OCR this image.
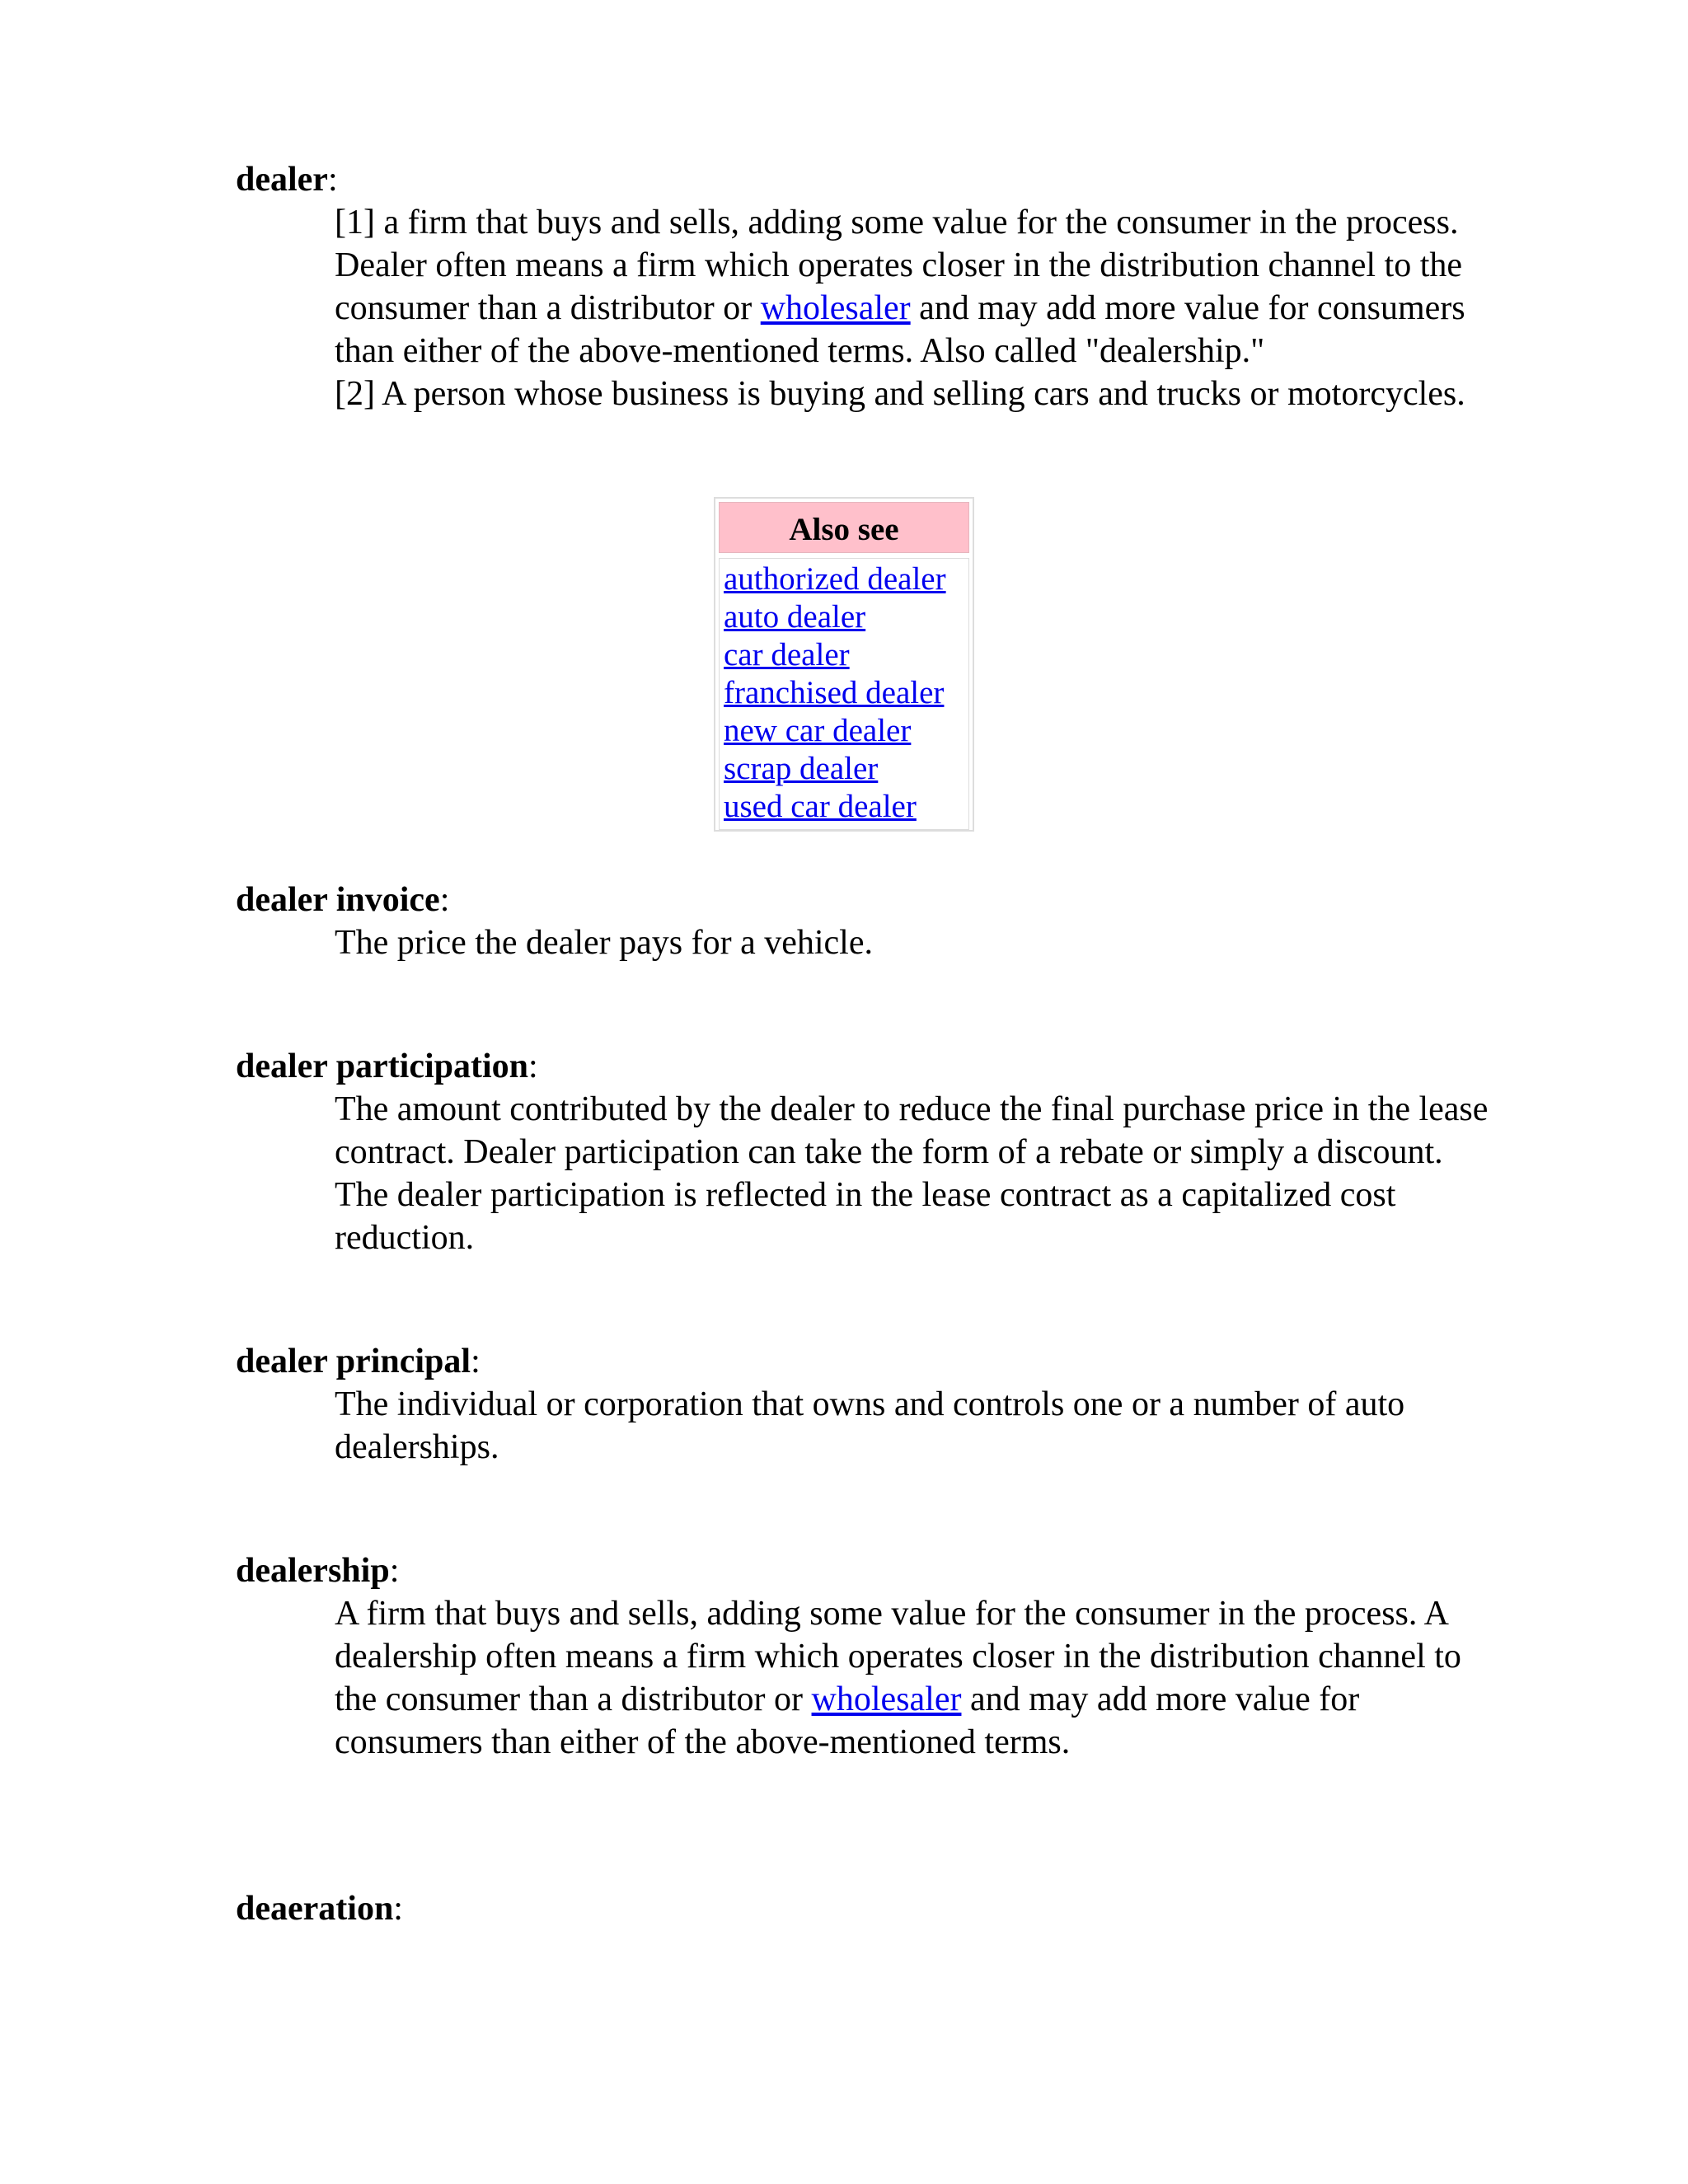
dealer:

[1] a firm that buys and sells, adding some value for the consumer in the process. Dealer often means a firm which operates closer in the distribution channel to the consumer than a distributor or wholesaler and may add more value for consumers than either of the above-mentioned terms. Also called "dealership."
[2] A person whose business is buying and selling cars and trucks or motorcycles.
Also see
authorized dealer
auto dealer
car dealer
franchised dealer
new car dealer
scrap dealer
used car dealer

dealer invoice:

The price the dealer pays for a vehicle.

dealer participation:

The amount contributed by the dealer to reduce the final purchase price in the lease contract. Dealer participation can take the form of a rebate or simply a discount. The dealer participation is reflected in the lease contract as a capitalized cost reduction.

dealer principal:

The individual or corporation that owns and controls one or a number of auto dealerships.

dealership:

A firm that buys and sells, adding some value for the consumer in the process. A dealership often means a firm which operates closer in the distribution channel to the consumer than a distributor or wholesaler and may add more value for consumers than either of the above-mentioned terms.

deaeration:
